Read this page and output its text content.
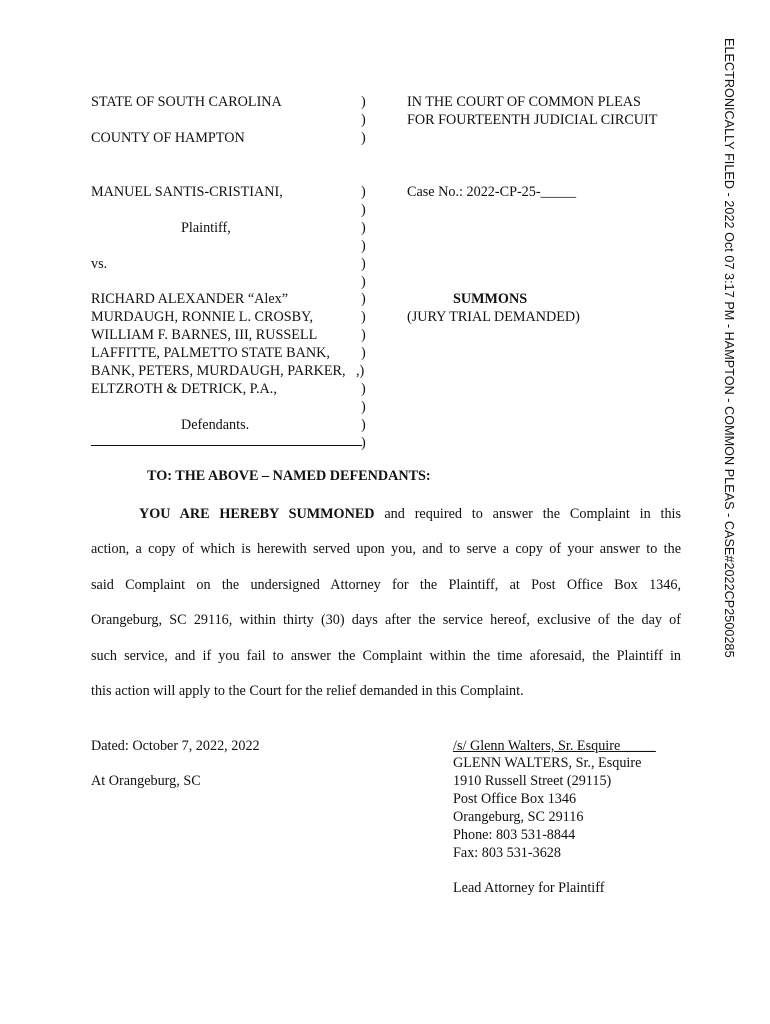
ELECTRONICALLY FILED - 2022 Oct 07 3:17 PM - HAMPTON - COMMON PLEAS - CASE#2022CP2500285
STATE OF SOUTH CAROLINA
COUNTY OF HAMPTON
MANUEL SANTIS-CRISTIANI,
Plaintiff,
vs.
RICHARD ALEXANDER “Alex”
MURDAUGH, RONNIE L. CROSBY,
WILLIAM F. BARNES, III, RUSSELL
LAFFITTE, PALMETTO STATE BANK,
BANK, PETERS, MURDAUGH, PARKER,
ELTZROTH & DETRICK, P.A.,
Defendants.
)
)
)
)
)
)
)
)
)
)
)
)
)
)
)
)
)
,)
IN THE COURT OF COMMON PLEAS
FOR FOURTEENTH JUDICIAL CIRCUIT
Case No.: 2022-CP-25-_____
SUMMONS
(JURY TRIAL DEMANDED)
TO: THE ABOVE – NAMED DEFENDANTS:
YOU ARE HEREBY SUMMONED and required to answer the Complaint in this
action, a copy of which is herewith served upon you, and to serve a copy of your answer to the
said Complaint on the undersigned Attorney for the Plaintiff, at Post Office Box 1346,
Orangeburg, SC 29116, within thirty (30) days after the service hereof, exclusive of the day of
such service, and if you fail to answer the Complaint within the time aforesaid, the Plaintiff in
this action will apply to the Court for the relief demanded in this Complaint.
Dated: October 7, 2022, 2022
At Orangeburg, SC
/s/ Glenn Walters, Sr. Esquire_____
GLENN WALTERS, Sr., Esquire
1910 Russell Street (29115)
Post Office Box 1346
Orangeburg, SC 29116
Phone: 803 531-8844
Fax: 803 531-3628
Lead Attorney for Plaintiff
